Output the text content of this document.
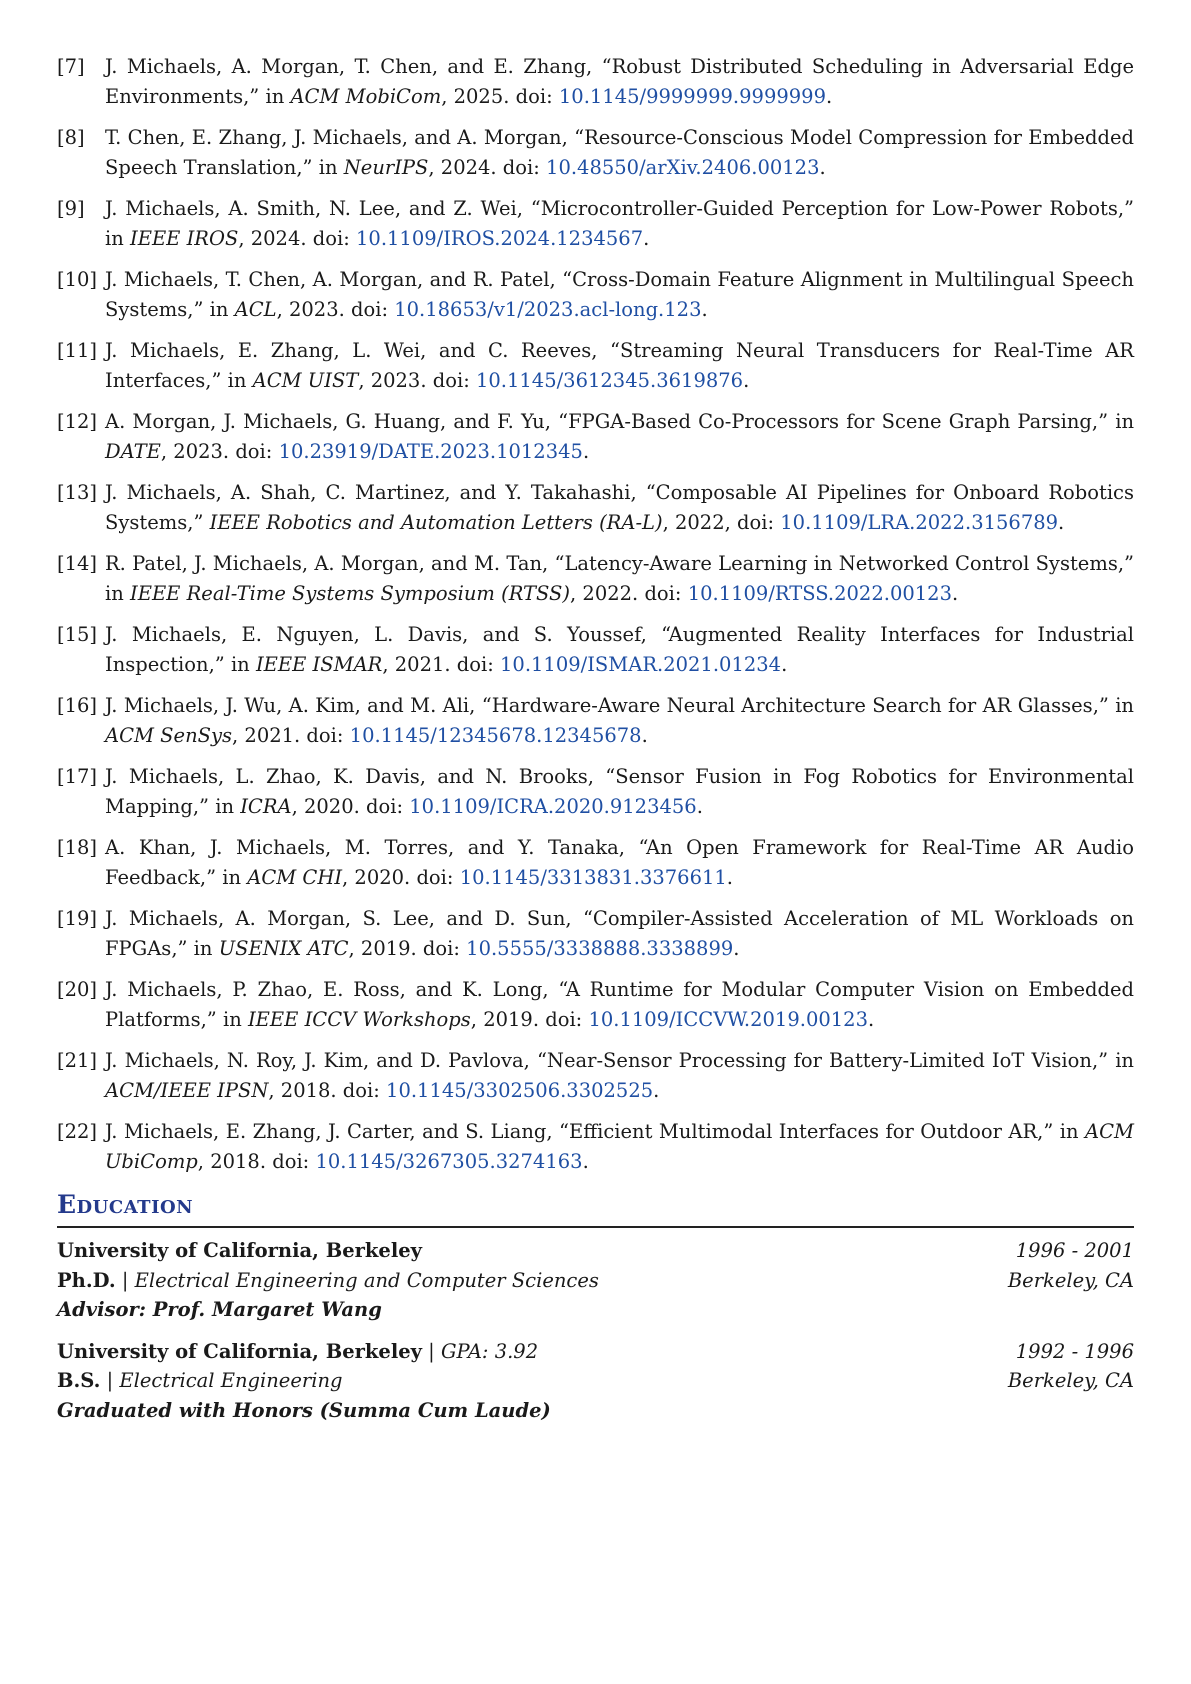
[7]	J. Michaels, A. Morgan, T. Chen, and E. Zhang, “Robust Distributed Scheduling in Adversarial Edge Environments,” in ACM MobiCom, 2025. doi: 10.1145/9999999.9999999.
[8]	T. Chen, E. Zhang, J. Michaels, and A. Morgan, “Resource-Conscious Model Compression for Embedded Speech Translation,” in NeurIPS, 2024. doi: 10.48550/arXiv.2406.00123.
[9]	J. Michaels, A. Smith, N. Lee, and Z. Wei, “Microcontroller-Guided Perception for Low-Power Robots,” in IEEE IROS, 2024. doi: 10.1109/IROS.2024.1234567.
[10] J. Michaels, T. Chen, A. Morgan, and R. Patel, “Cross-Domain Feature Alignment in Multilingual Speech Systems,” in ACL, 2023. doi: 10.18653/v1/2023.acl-long.123.
[11] J. Michaels, E. Zhang, L. Wei, and C. Reeves, “Streaming Neural Transducers for Real-Time AR Interfaces,” in ACM UIST, 2023. doi: 10.1145/3612345.3619876.
[12] A. Morgan, J. Michaels, G. Huang, and F. Yu, “FPGA-Based Co-Processors for Scene Graph Parsing,” in DATE, 2023. doi: 10.23919/DATE.2023.1012345.
[13] J. Michaels, A. Shah, C. Martinez, and Y. Takahashi, “Composable AI Pipelines for Onboard Robotics Systems,” IEEE Robotics and Automation Letters (RA-L), 2022, doi: 10.1109/LRA.2022.3156789.
[14] R. Patel, J. Michaels, A. Morgan, and M. Tan, “Latency-Aware Learning in Networked Control Systems,” in IEEE Real-Time Systems Symposium (RTSS), 2022. doi: 10.1109/RTSS.2022.00123.
[15] J. Michaels, E. Nguyen, L. Davis, and S. Youssef, “Augmented Reality Interfaces for Industrial Inspection,” in IEEE ISMAR, 2021. doi: 10.1109/ISMAR.2021.01234.
[16] J. Michaels, J. Wu, A. Kim, and M. Ali, “Hardware-Aware Neural Architecture Search for AR Glasses,” in ACM SenSys, 2021. doi: 10.1145/12345678.12345678.
[17] J. Michaels, L. Zhao, K. Davis, and N. Brooks, “Sensor Fusion in Fog Robotics for Environmental Mapping,” in ICRA, 2020. doi: 10.1109/ICRA.2020.9123456.
[18] A. Khan, J. Michaels, M. Torres, and Y. Tanaka, “An Open Framework for Real-Time AR Audio Feedback,” in ACM CHI, 2020. doi: 10.1145/3313831.3376611.
[19] J. Michaels, A. Morgan, S. Lee, and D. Sun, “Compiler-Assisted Acceleration of ML Workloads on FPGAs,” in USENIX ATC, 2019. doi: 10.5555/3338888.3338899.
[20] J. Michaels, P. Zhao, E. Ross, and K. Long, “A Runtime for Modular Computer Vision on Embedded Platforms,” in IEEE ICCV Workshops, 2019. doi: 10.1109/ICCVW.2019.00123.
[21] J. Michaels, N. Roy, J. Kim, and D. Pavlova, “Near-Sensor Processing for Battery-Limited IoT Vision,” in ACM/IEEE IPSN, 2018. doi: 10.1145/3302506.3302525.
[22] J. Michaels, E. Zhang, J. Carter, and S. Liang, “Efficient Multimodal Interfaces for Outdoor AR,” in ACM UbiComp, 2018. doi: 10.1145/3267305.3274163.
Education
University of California, Berkeley	1996 - 2001
Ph.D. | Electrical Engineering and Computer Sciences	Berkeley, CA
Advisor: Prof. Margaret Wang
University of California, Berkeley | GPA: 3.92	1992 - 1996
B.S. | Electrical Engineering	Berkeley, CA
Graduated with Honors (Summa Cum Laude)
